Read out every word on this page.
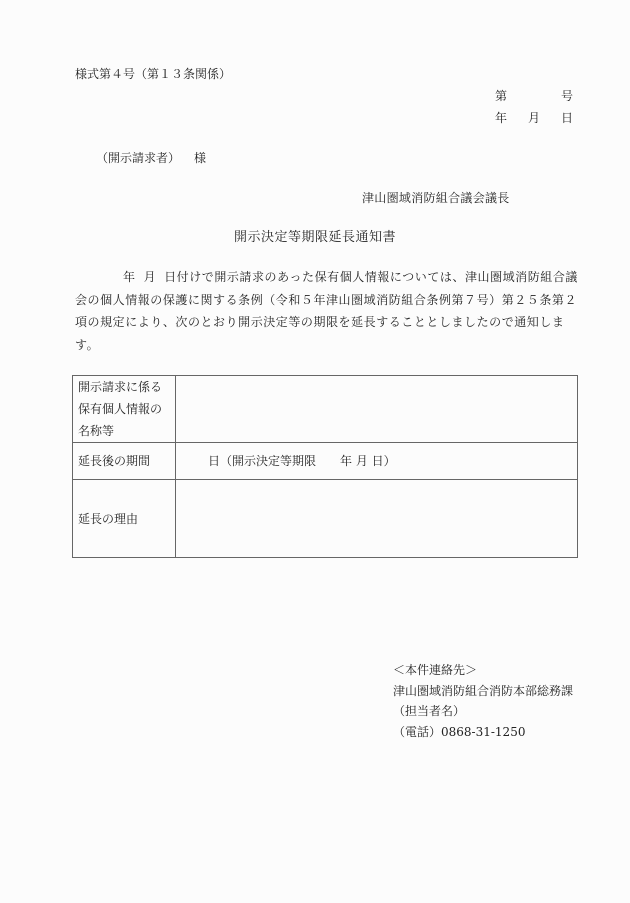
様式第４号（第１３条関係）
第	号
年 月 日
（開示請求者） 様
津山圏域消防組合議会議長
開示決定等期限延長通知書

年 月 日付けで開示請求のあった保有個人情報については、津山圏域消防組合議会の個人情報の保護に関する条例（令和５年津山圏域消防組合条例第７号）第２５条第２項の規定により、次のとおり開示決定等の期限を延長することとしましたので通知します。

開示請求に係る保有個人情報の名称等	
延長後の期間	日（開示決定等期限　　年 月 日）
延長の理由	
＜本件連絡先＞
津山圏域消防組合消防本部総務課
（担当者名）
（電話）0868-31-1250
